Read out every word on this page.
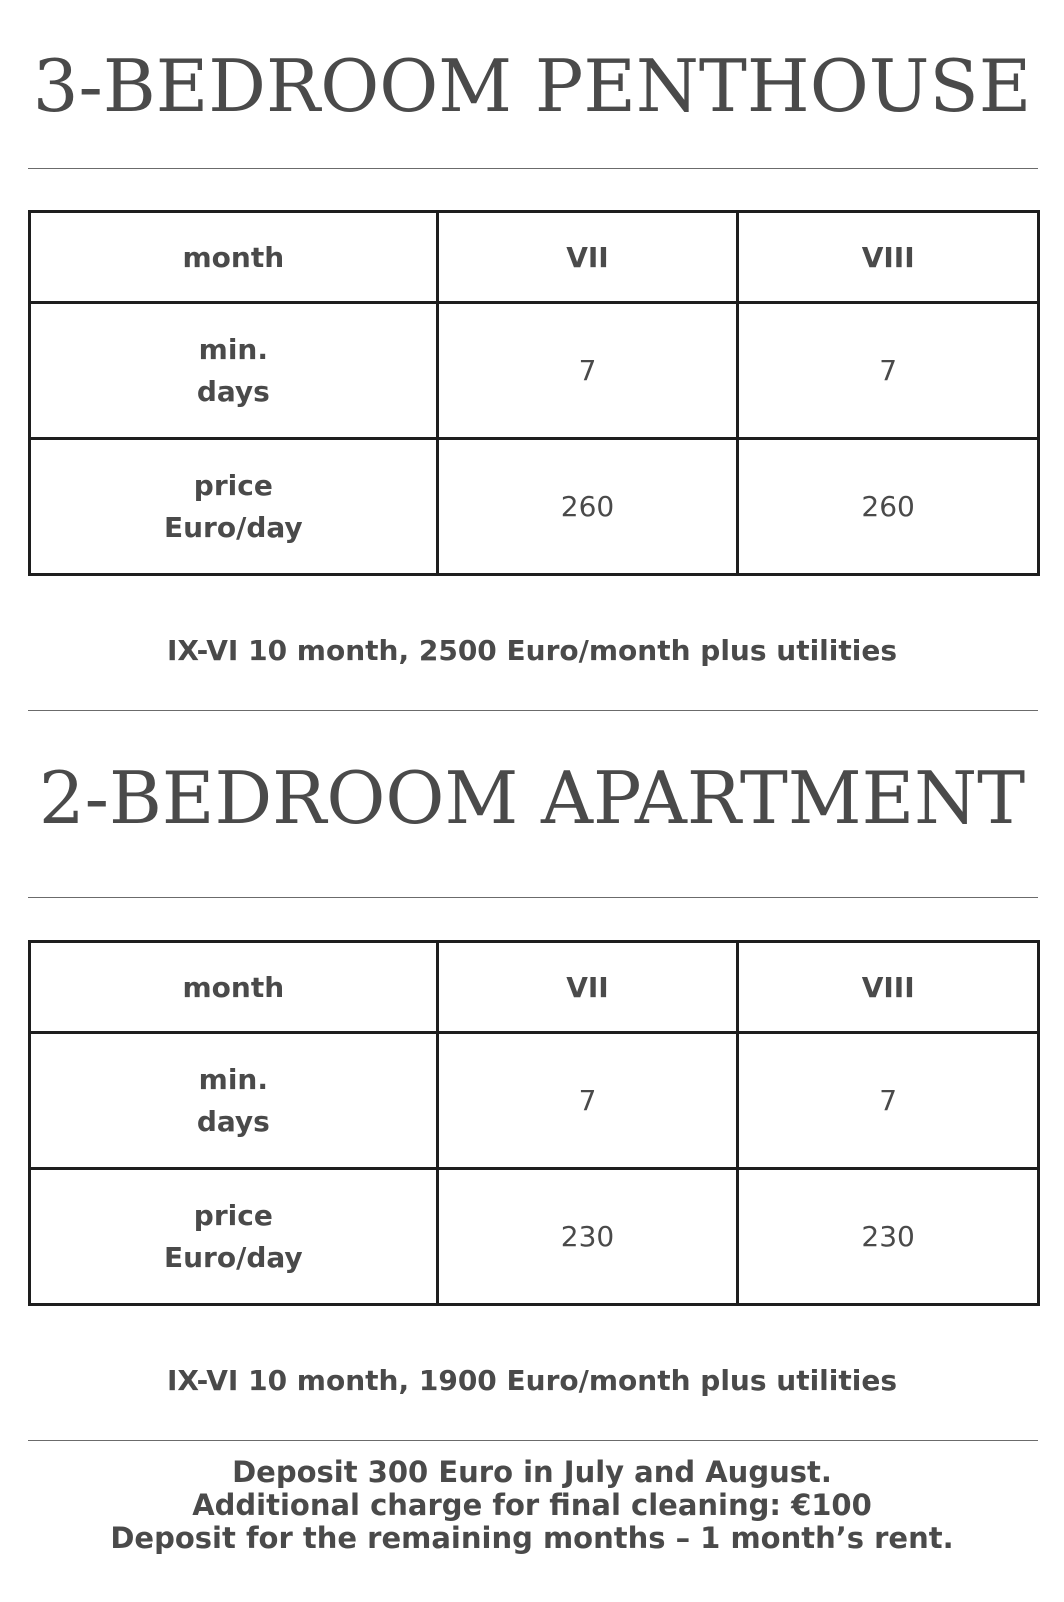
3-BEDROOM PENTHOUSE
month	VII	VIII

min.
days	7	7

price
Euro/day	260	260
IX-VI 10 month, 2500 Euro/month plus utilities
2-BEDROOM APARTMENT
month	VII	VIII

min.
days	7	7

price
Euro/day	230	230
IX-VI 10 month, 1900 Euro/month plus utilities
Deposit 300 Euro in July and August.
Additional charge for final cleaning: €100
Deposit for the remaining months – 1 month’s rent.
